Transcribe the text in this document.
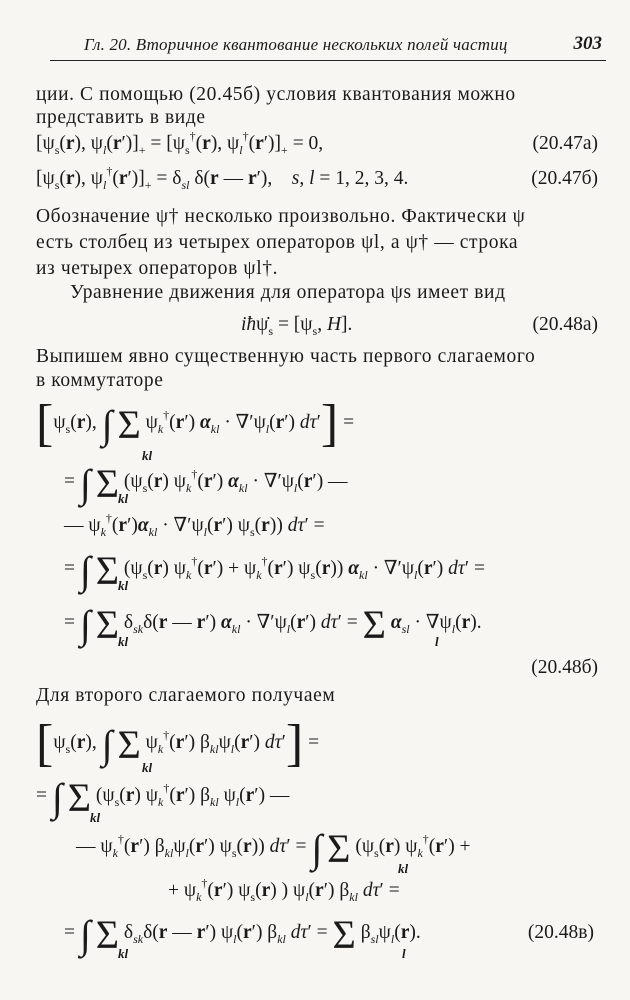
Гл. 20. Вторичное квантование нескольких полей частиц	303
ции. С помощью (20.45б) условия квантования можно
представить в виде
[$\psi_s(r)$, $\psi_l(r')]_+ = [\psi_s^\dagger(r)$, $\psi_l^\dagger(r')]_+ = 0$,	(20.47а)
[$\psi_s(r)$, $\psi_l^\dagger(r')]_+ = \delta_{sl}$ δ(r — r′),    s, l = 1, 2, 3, 4.	(20.47б)
Обозначение ψ† несколько произвольно. Фактически ψ
есть столбец из четырех операторов ψl, а ψ† — строка
из четырех операторов ψl†.
Уравнение движения для оператора ψs имеет вид
$iħ\psi̇_s = [\psi_s$, H].	(20.48а)
Выпишем явно существенную часть первого слагаемого
в коммутаторе
[$\psi_s(r)$, ∫ Σ $\psi_k^\dagger(r') \alpha_{kl} \cdot \nabla'\psi_l(r') d\tau'$] =
kl
= ∫ Σ ($\psi_s(r)$ $\psi_k^\dagger(r') \alpha_{kl} \cdot \nabla'\psi_l(r')$ —
kl
— $\psi_k^\dagger(r')\alpha_{kl} \cdot \nabla'\psi_l(r')$ $\psi_s(r)$) dτ′ =
= ∫ Σ ($\psi_s(r) \psi_k^\dagger(r') + \psi_k^\dagger(r')$ $\psi_s(r)$) $\alpha_{kl} \cdot \nabla'\psi_l(r') d\tau'$ =
kl
= ∫ Σ $\delta_{sk}\delta(r$ — r′) $\alpha_{kl} \cdot \nabla'\psi_l(r') d\tau' = \Sigma$ $\alpha_{sl} \cdot \nabla\psi_l(r)$.
kl	l
(20.48б)
Для второго слагаемого получаем
[$\psi_s(r)$, ∫ Σ $\psi_k^\dagger(r')$ $\beta_{kl}\psi_l(r') d\tau'$] =
kl
= ∫ Σ ($\psi_s(r)$ $\psi_k^\dagger(r')$ $\beta_{kl}$ $\psi_l(r')$ —
kl
— $\psi_k^\dagger(r')$ $\beta_{kl}\psi_l(r')$ $\psi_s(r)$) dτ′ = ∫ Σ ($\psi_s(r) \psi_k^\dagger(r')$ +
kl
+ $\psi_k^\dagger(r')$ $\psi_s(r)$ ) $\psi_l(r')$ $\beta_{kl}$ dτ′ =
= ∫ Σ $\delta_{sk}\delta(r$ — r′) $\psi_l(r')$ $\beta_{kl}$ dτ′ = Σ $\beta_{sl}\psi_l(r)$.
kl	l
(20.48в)
